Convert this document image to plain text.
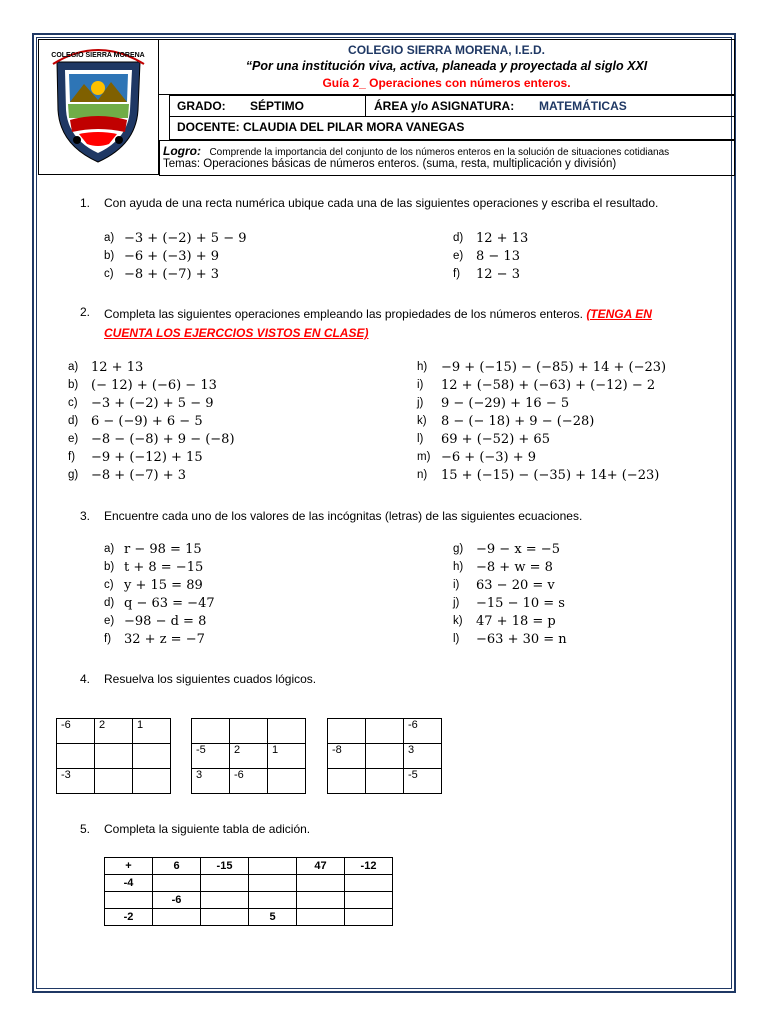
COLEGIO SIERRA MORENA	COLEGIO SIERRA MORENA, I.E.D.
“Por una institución viva, activa, planeada y proyectada al siglo XXI
Guía 2_ Operaciones con números enteros.
GRADO: SÉPTIMO	ÁREA y/o ASIGNATURA: MATEMÁTICAS
DOCENTE: CLAUDIA DEL PILAR MORA VANEGAS
Logro: Comprende la importancia del conjunto de los números enteros en la solución de situaciones cotidianas
Temas: Operaciones básicas de números enteros. (suma, resta, multiplicación y división)
1. Con ayuda de una recta numérica ubique cada una de las siguientes operaciones y escriba el resultado.
a) −3 + (−2) + 5 − 9
b) −6 + (−3) + 9
c) −8 + (−7) + 3
d) 12 + 13
e) 8 − 13
f) 12 − 3
2. Completa las siguientes operaciones empleando las propiedades de los números enteros. (TENGA EN
CUENTA LOS EJERCCIOS VISTOS EN CLASE)
a) 12 + 13
b) (− 12) + (−6) − 13
c) −3 + (−2) + 5 − 9
d) 6 − (−9) + 6 − 5
e) −8 − (−8) + 9 − (−8)
f) −9 + (−12) + 15
g) −8 + (−7) + 3
h) −9 + (−15) − (−85) + 14 + (−23)
i) 12 + (−58) + (−63) + (−12) − 2
j) 9 − (−29) + 16 − 5
k) 8 − (− 18) + 9 − (−28)
l) 69 + (−52) + 65
m) −6 + (−3) + 9
n) 15 + (−15) − (−35) + 14+ (−23)
3. Encuentre cada uno de los valores de las incógnitas (letras) de las siguientes ecuaciones.
a) r − 98 = 15
b) t + 8 = −15
c) y + 15 = 89
d) q − 63 = −47
e) −98 − d = 8
f) 32 + z = −7
g) −9 − x = −5
h) −8 + w = 8
i) 63 − 20 = v
j) −15 − 10 = s
k) 47 + 18 = p
l) −63 + 30 = n
4. Resuelva los siguientes cuados lógicos.
-6	2	1

-3		

-5	2	1
3	-6	
		-6
-8		3
		-5
5. Completa la siguiente tabla de adición.
+	6	-15		47	-12
-4					
	-6				
-2			5		
